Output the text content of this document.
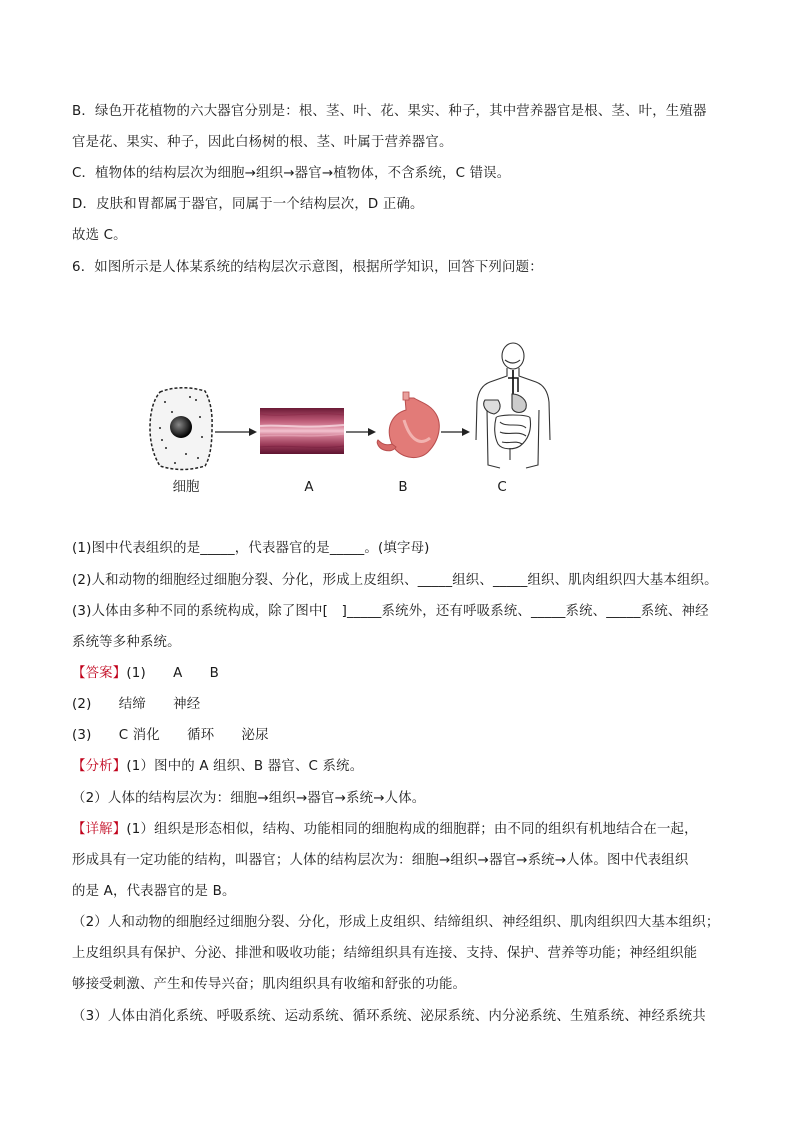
B．绿色开花植物的六大器官分别是：根、茎、叶、花、果实、种子，其中营养器官是根、茎、叶，生殖器
官是花、果实、种子，因此白杨树的根、茎、叶属于营养器官。
C．植物体的结构层次为细胞→组织→器官→植物体，不含系统，C 错误。
D．皮肤和胃都属于器官，同属于一个结构层次，D 正确。
故选 C。
6．如图所示是人体某系统的结构层次示意图，根据所学知识，回答下列问题：
细胞	A	B	C
(1)图中代表组织的是_____，代表器官的是_____。(填字母)
(2)人和动物的细胞经过细胞分裂、分化，形成上皮组织、_____组织、_____组织、肌肉组织四大基本组织。
(3)人体由多种不同的系统构成，除了图中[　]_____系统外，还有呼吸系统、_____系统、_____系统、神经
系统等多种系统。
【答案】(1)　　A　　B
(2)　　结缔　　神经
(3)　　C 消化　　循环　　泌尿
【分析】(1）图中的 A 组织、B 器官、C 系统。
（2）人体的结构层次为：细胞→组织→器官→系统→人体。
【详解】(1）组织是形态相似，结构、功能相同的细胞构成的细胞群；由不同的组织有机地结合在一起，
形成具有一定功能的结构，叫器官；人体的结构层次为：细胞→组织→器官→系统→人体。图中代表组织
的是 A，代表器官的是 B。
（2）人和动物的细胞经过细胞分裂、分化，形成上皮组织、结缔组织、神经组织、肌肉组织四大基本组织；
上皮组织具有保护、分泌、排泄和吸收功能；结缔组织具有连接、支持、保护、营养等功能；神经组织能
够接受刺激、产生和传导兴奋；肌肉组织具有收缩和舒张的功能。
（3）人体由消化系统、呼吸系统、运动系统、循环系统、泌尿系统、内分泌系统、生殖系统、神经系统共
